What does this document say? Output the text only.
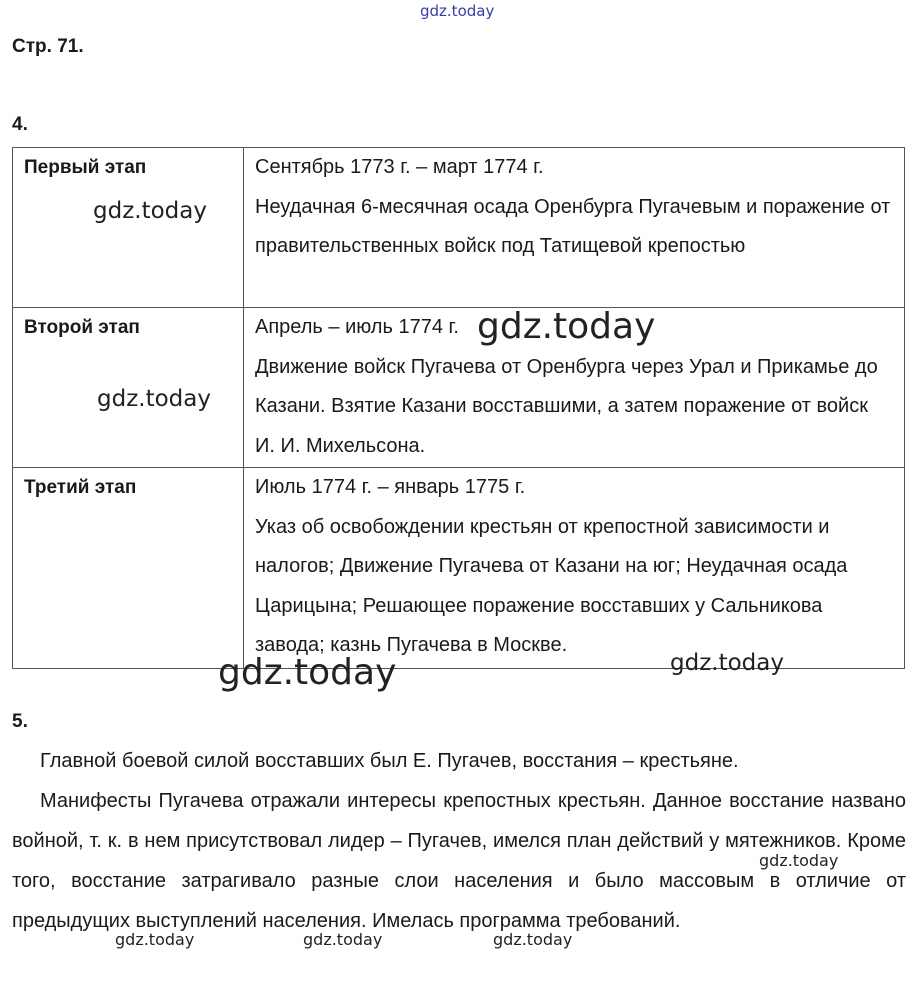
gdz.today
Стр. 71.
4.
Первый этап	Сентябрь 1773 г. – март 1774 г.
Неудачная 6-месячная осада Оренбурга Пугачевым и поражение от правительственных войск под Татищевой крепостью

Второй этап	Апрель – июль 1774 г.
Движение войск Пугачева от Оренбурга через Урал и Прикамье до Казани. Взятие Казани восставшими, а затем поражение от войск И. И. Михельсона.

Третий этап	Июль 1774 г. – январь 1775 г.
Указ об освобождении крестьян от крепостной зависимости и налогов; Движение Пугачева от Казани на юг; Неудачная осада Царицына; Решающее поражение восставших у Сальникова завода; казнь Пугачева в Москве.
5.

Главной боевой силой восставших был Е. Пугачев, восстания – крестьяне.

Манифесты Пугачева отражали интересы крепостных крестьян. Данное восстание названо войной, т. к. в нем присутствовал лидер – Пугачев, имелся план действий у мятежников. Кроме того, восстание затрагивало разные слои населения и было массовым в отличие от предыдущих выступлений населения. Имелась программа требований.

gdz.today
gdz.today
gdz.today
gdz.today	gdz.today
gdz.today
gdz.today	gdz.today	gdz.today
